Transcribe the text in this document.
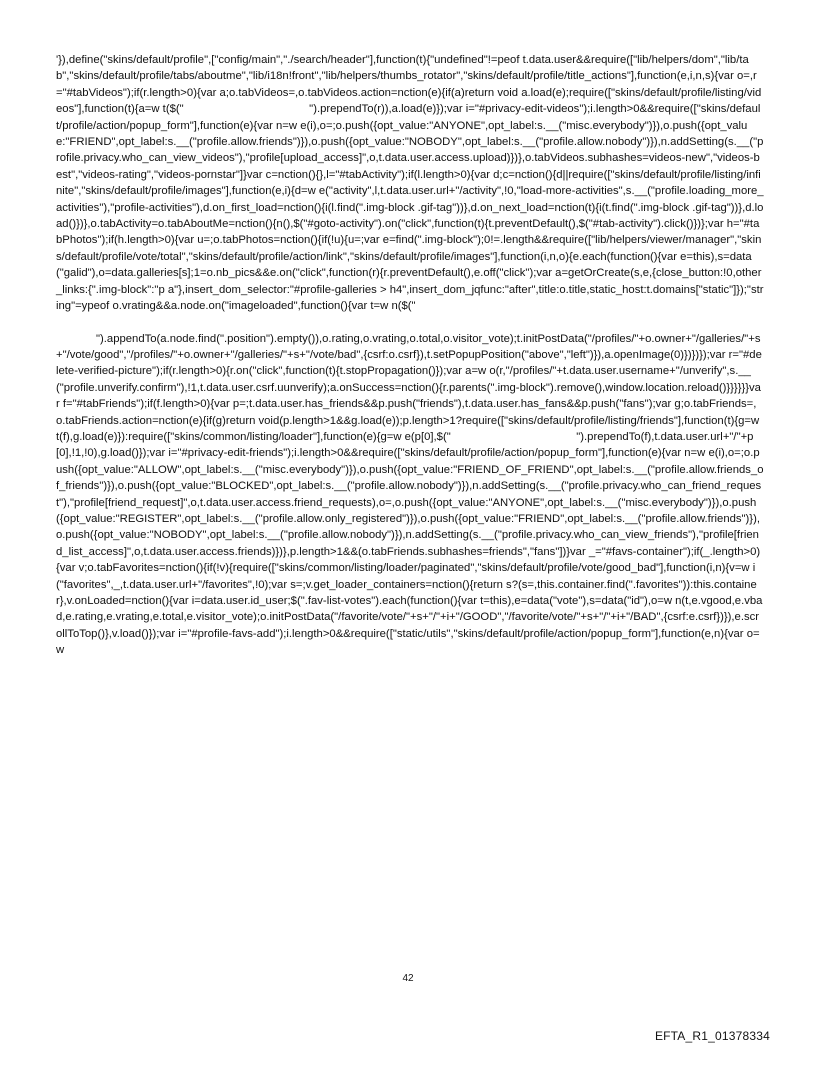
'}),define("skins/default/profile",["config/main","./search/header"],function(t){"undefined"!=peof t.data.user&&require(["lib/helpers/dom","lib/tab","skins/default/profile/tabs/aboutme","lib/i18n!front","lib/helpers/thumbs_rotator","skins/default/profile/title_actions"],function(e,i,n,s){var o=,r="#tabVideos");if(r.length>0){var a;o.tabVideos=,o.tabVideos.action=nction(e){if(a)return void a.load(e);require(["skins/default/profile/listing/videos"],function(t){a=w t($("                                        ").prependTo(r)),a.load(e)});var i="#privacy-edit-videos");i.length>0&&require(["skins/default/profile/action/popup_form"],function(e){var n=w e(i),o=;o.push({opt_value:"ANYONE",opt_label:s.__("misc.everybody")}),o.push({opt_value:"FRIEND",opt_label:s.__("profile.allow.friends")}),o.push({opt_value:"NOBODY",opt_label:s.__("profile.allow.nobody")}),n.addSetting(s.__("profile.privacy.who_can_view_videos"),"profile[upload_access]",o,t.data.user.access.upload)})},o.tabVideos.subhashes=videos-new","videos-best","videos-rating","videos-pornstar"]}var c=nction(){},l="#tabActivity");if(l.length>0){var d;c=nction(){d||require(["skins/default/profile/listing/infinite","skins/default/profile/images"],function(e,i){d=w e("activity",l,t.data.user.url+"/activity",!0,"load-more-activities",s.__("profile.loading_more_activities"),"profile-activities"),d.on_first_load=nction(){i(l.find(".img-block .gif-tag"))},d.on_next_load=nction(t){i(t.find(".img-block .gif-tag"))},d.load()})},o.tabActivity=o.tabAboutMe=nction(){n(),$("#goto-activity").on("click",function(t){t.preventDefault(),$("#tab-activity").click()})};var h="#tabPhotos");if(h.length>0){var u=;o.tabPhotos=nction(){if(!u){u=;var e=find(".img-block");0!=.length&&require(["lib/helpers/viewer/manager","skins/default/profile/vote/total","skins/default/profile/action/link","skins/default/profile/images"],function(i,n,o){e.each(function(){var e=this),s=data("galid"),o=data.galleries[s];1=o.nb_pics&&e.on("click",function(r){r.preventDefault(),e.off("click");var a=getOrCreate(s,e,{close_button:!0,other_links:{".img-block":"p a"},insert_dom_selector:"#profile-galleries > h4",insert_dom_jqfunc:"after",title:o.title,static_host:t.domains["static"]});"string"=ypeof o.vrating&&a.node.on("imageloaded",function(){var t=w n($("

").appendTo(a.node.find(".position").empty()),o.rating,o.vrating,o.total,o.visitor_vote);t.initPostData("/profiles/"+o.owner+"/galleries/"+s+"/vote/good","/profiles/"+o.owner+"/galleries/"+s+"/vote/bad",{csrf:o.csrf}),t.setPopupPosition("above","left")}),a.openImage(0)})})});var r="#delete-verified-picture");if(r.length>0){r.on("click",function(t){t.stopPropagation()});var a=w o(r,"/profiles/"+t.data.user.username+"/unverify",s.__("profile.unverify.confirm"),!1,t.data.user.csrf.uunverify);a.onSuccess=nction(){r.parents(".img-block").remove(),window.location.reload()}}}}}}var f="#tabFriends");if(f.length>0){var p=;t.data.user.has_friends&&p.push("friends"),t.data.user.has_fans&&p.push("fans");var g;o.tabFriends=,o.tabFriends.action=nction(e){if(g)return void(p.length>1&&g.load(e));p.length>1?require(["skins/default/profile/listing/friends"],function(t){g=w t(f),g.load(e)}):require(["skins/common/listing/loader"],function(e){g=w e(p[0],$("                                        ").prependTo(f),t.data.user.url+"/"+p[0],!1,!0),g.load()});var i="#privacy-edit-friends");i.length>0&&require(["skins/default/profile/action/popup_form"],function(e){var n=w e(i),o=;o.push({opt_value:"ALLOW",opt_label:s.__("misc.everybody")}),o.push({opt_value:"FRIEND_OF_FRIEND",opt_label:s.__("profile.allow.friends_of_friends")}),o.push({opt_value:"BLOCKED",opt_label:s.__("profile.allow.nobody")}),n.addSetting(s.__("profile.privacy.who_can_friend_request"),"profile[friend_request]",o,t.data.user.access.friend_requests),o=,o.push({opt_value:"ANYONE",opt_label:s.__("misc.everybody")}),o.push({opt_value:"REGISTER",opt_label:s.__("profile.allow.only_registered")}),o.push({opt_value:"FRIEND",opt_label:s.__("profile.allow.friends")}),o.push({opt_value:"NOBODY",opt_label:s.__("profile.allow.nobody")}),n.addSetting(s.__("profile.privacy.who_can_view_friends"),"profile[friend_list_access]",o,t.data.user.access.friends)})},p.length>1&&(o.tabFriends.subhashes=friends","fans"])}var _="#favs-container");if(_.length>0){var v;o.tabFavorites=nction(){if(!v){require(["skins/common/listing/loader/paginated","skins/default/profile/vote/good_bad"],function(i,n){v=w i("favorites",_,t.data.user.url+"/favorites",!0);var s=;v.get_loader_containers=nction(){return s?(s=,this.container.find(".favorites")):this.container},v.onLoaded=nction(){var i=data.user.id_user;$(".fav-list-votes").each(function(){var t=this),e=data("vote"),s=data("id"),o=w n(t,e.vgood,e.vbad,e.rating,e.vrating,e.total,e.visitor_vote);o.initPostData("/favorite/vote/"+s+"/"+i+"/GOOD","/favorite/vote/"+s+"/"+i+"/BAD",{csrf:e.csrf})}),e.scrollToTop()},v.load()});var i="#profile-favs-add");i.length>0&&require(["static/utils","skins/default/profile/action/popup_form"],function(e,n){var o=w

42
EFTA_R1_01378334
